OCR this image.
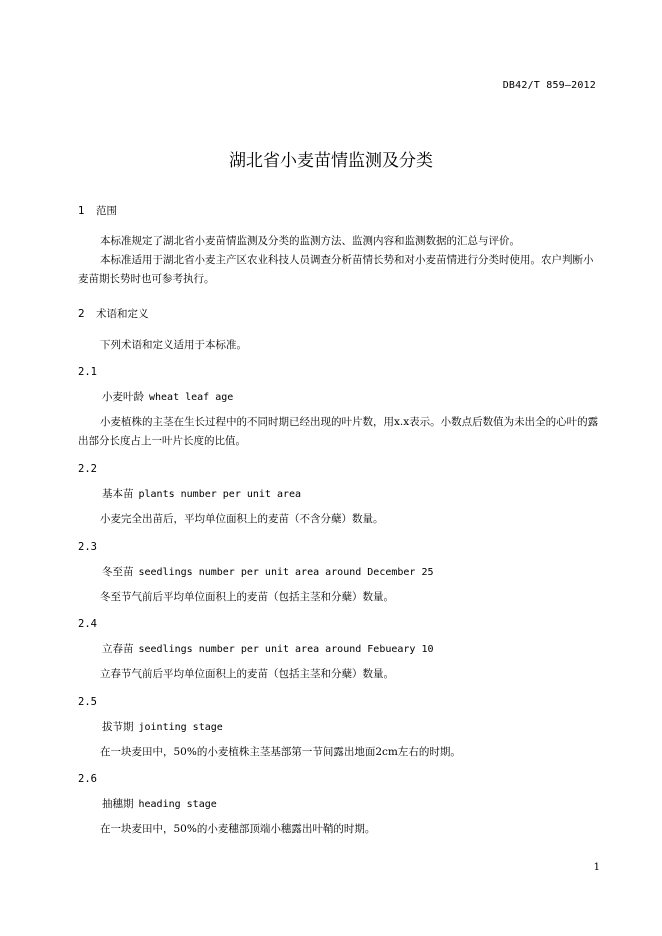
DB42/T 859—2012
湖北省小麦苗情监测及分类
1 范围
本标准规定了湖北省小麦苗情监测及分类的监测方法、监测内容和监测数据的汇总与评价。
本标准适用于湖北省小麦主产区农业科技人员调查分析苗情长势和对小麦苗情进行分类时使用。农户判断小麦苗期长势时也可参考执行。
2 术语和定义
下列术语和定义适用于本标准。
2.1
小麦叶龄 wheat leaf age
小麦植株的主茎在生长过程中的不同时期已经出现的叶片数，用x.x表示。小数点后数值为未出全的心叶的露出部分长度占上一叶片长度的比值。
2.2
基本苗 plants number per unit area
小麦完全出苗后，平均单位面积上的麦苗（不含分蘖）数量。
2.3
冬至苗 seedlings number per unit area around December 25
冬至节气前后平均单位面积上的麦苗（包括主茎和分蘖）数量。
2.4
立春苗 seedlings number per unit area around Febueary 10
立春节气前后平均单位面积上的麦苗（包括主茎和分蘖）数量。
2.5
拔节期 jointing stage
在一块麦田中，50%的小麦植株主茎基部第一节间露出地面2cm左右的时期。
2.6
抽穗期 heading stage
在一块麦田中，50%的小麦穗部顶端小穗露出叶鞘的时期。
1
